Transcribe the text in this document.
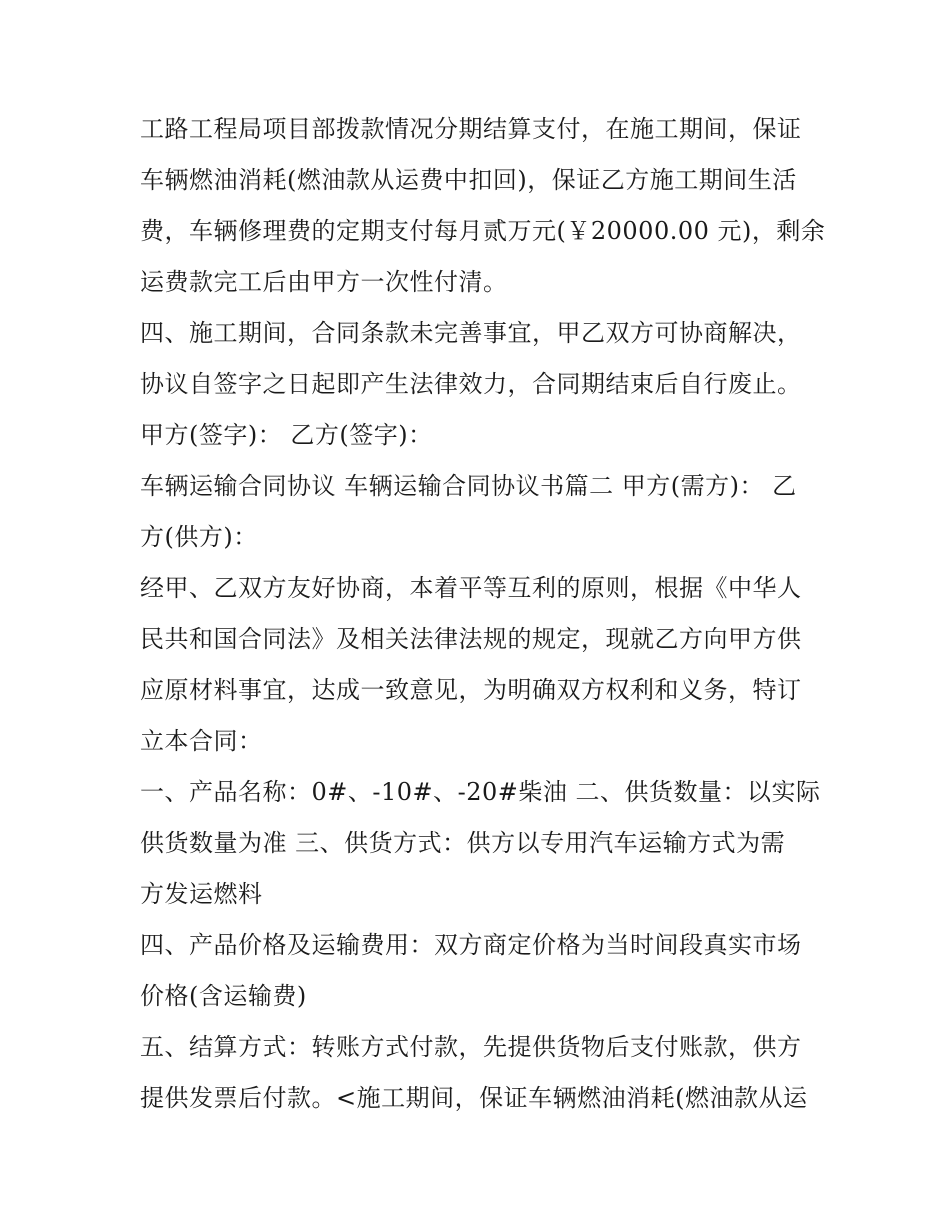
工路工程局项目部拨款情况分期结算支付，在施工期间，保证
车辆燃油消耗(燃油款从运费中扣回)，保证乙方施工期间生活
费，车辆修理费的定期支付每月贰万元(￥20000.00 元)，剩余
运费款完工后由甲方一次性付清。
四、施工期间，合同条款未完善事宜，甲乙双方可协商解决，
协议自签字之日起即产生法律效力，合同期结束后自行废止。
甲方(签字)： 乙方(签字)：
车辆运输合同协议 车辆运输合同协议书篇二 甲方(需方)： 乙
方(供方)：
经甲、乙双方友好协商，本着平等互利的原则，根据《中华人
民共和国合同法》及相关法律法规的规定，现就乙方向甲方供
应原材料事宜，达成一致意见，为明确双方权利和义务，特订
立本合同：
一、产品名称：0#、-10#、-20#柴油 二、供货数量：以实际
供货数量为准 三、供货方式：供方以专用汽车运输方式为需
方发运燃料
四、产品价格及运输费用：双方商定价格为当时间段真实市场
价格(含运输费)
五、结算方式：转账方式付款，先提供货物后支付账款，供方
提供发票后付款。<施工期间，保证车辆燃油消耗(燃油款从运
